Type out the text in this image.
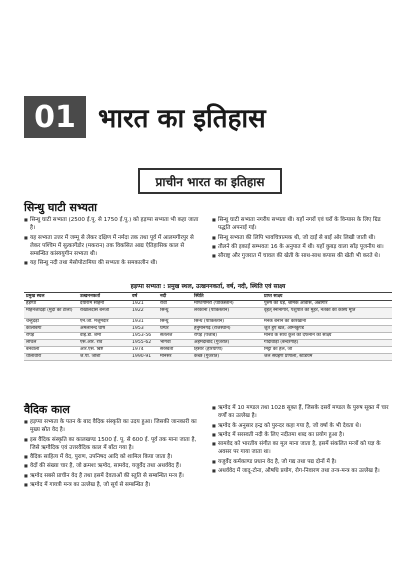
01 भारत का इतिहास
प्राचीन भारत का इतिहास
सिन्धु घाटी सभ्यता
■ सिन्धु घाटी सभ्यता (2500 ई.पू. से 1750 ई.पू.) को हड़प्पा सभ्यता भी कहा जाता है।
■ यह सभ्यता उत्तर में जम्मू से लेकर दक्षिण में नर्मदा तक तथा पूर्व में आलमगीरपुर से लेकर पश्चिम में सुत्कागेंडोर (मकरान) तक विकसित आद्य ऐतिहासिक काल से सम्बन्धित कांस्ययुगीन सभ्यता थी।
■ यह सिन्धु नदी तथा मेसोपोटामिया की सभ्यता के समकालीन थी।
■ सिन्धु घाटी सभ्यता नगरीय सभ्यता थी। यहाँ नगरों एवं घरों के विन्यास के लिए ग्रिड पद्धति अपनाई गई।
■ सिन्धु सभ्यता की लिपि भावचित्रात्मक थी, जो दाईं से बाईं ओर लिखी जाती थी।
■ तौलने की इकाई सम्भवतः 16 के अनुपात में थी। यहाँ कुबड़ वाला साँड़ पूजनीय था।
■ सौराष्ट्र और गुजरात में चावल की खेती के साथ-साथ कपास की खेती भी करते थे।
हड़प्पा सभ्यता : प्रमुख स्थल, उत्खननकर्ता, वर्ष, नदी, स्थिति एवं साक्ष्य
प्रमुख स्थल	उत्खननकर्ता	वर्ष	नदी	स्थिति	प्राप्त साक्ष्य
हड़प्पा	दयाराम साहनी	1921	रावी	मोण्टगोमरी (पाकिस्तान)	पुरुष का धड़, श्रमिक आवास, अन्नागार
मोहनजोदड़ो (मुर्दों का टीला)	राखालदास बनर्जी	1922	सिन्धु	लरकाना (पाकिस्तान)	वृहत् स्नानागार, पशुपति की मुहर, नर्तकी की कांस्य मूर्ति
चन्हूदड़ो	एन.जी. मजूमदार	1931	सिन्धु	सिन्ध (पाकिस्तान)	मनके बनाने का कारखाना
कालीबंगा	अमलानन्द घोष	1953	घग्घर	हनुमानगढ़ (राजस्थान)	जुते हुए खेत, अग्निकुण्ड
रोपड़	वाई.डी. शर्मा	1953-56	सतलज	रोपड़ (पंजाब)	मानव के साथ कुत्ते को दफनाने का साक्ष्य
लोथल	एस.आर. राव	1955-62	भोगवा	अहमदाबाद (गुजरात)	गोदीवाड़ा (बन्दरगाह)
बनवाली	आर.एस. बिष्ट	1974	सरस्वती	हिसार (हरियाणा)	मिट्टी का हल, जौ
धौलावीरा	जे.पी. जोशी	1990-91	मानसर	कच्छ (गुजरात)	जल संग्रहण प्रणाली, स्टेडियम
वैदिक काल
■ हड़प्पा सभ्यता के पतन के बाद वैदिक संस्कृति का उदय हुआ। जिसकी जानकारी का मुख्य स्रोत वेद है।
■ इस वैदिक संस्कृति का कालखण्ड 1500 ई. पू. से 600 ई. पूर्व तक माना जाता है, जिसे ऋग्वैदिक एवं उत्तरवैदिक काल में बाँटा गया है।
■ वैदिक साहित्य में वेद, पुराण, उपनिषद आदि को शामिल किया जाता है।
■ वेदों की संख्या चार है, जो क्रमशः ऋग्वेद, सामवेद, यजुर्वेद तथा अथर्ववेद हैं।
■ ऋग्वेद सबसे प्राचीन वेद है तथा इसमें देवताओं की स्तुति से सम्बन्धित मन्त्र हैं।
■ ऋग्वेद में गायत्री मन्त्र का उल्लेख है, जो सूर्य से सम्बन्धित है।
■ ऋग्वेद में 10 मण्डल तथा 1028 सूक्त हैं, जिसके दसवें मण्डल के पुरुष सूक्त में चार वर्णों का उल्लेख है।
■ ऋग्वेद के अनुसार इन्द्र को पुरन्दर कहा गया है, जो वर्षा के भी देवता थे।
■ ऋग्वेद में सरस्वती नदी के लिए नदीतमा शब्द का प्रयोग हुआ है।
■ सामवेद को भारतीय संगीत का मूल माना जाता है, इसमें संकलित मन्त्रों को यज्ञ के अवसर पर गाया जाता था।
■ यजुर्वेद कर्मकाण्ड प्रधान वेद है, जो गद्य तथा पद्य दोनों में है।
■ अथर्ववेद में जादू-टोना, औषधि प्रयोग, रोग-निवारण तथा तन्त्र-मन्त्र का उल्लेख है।
